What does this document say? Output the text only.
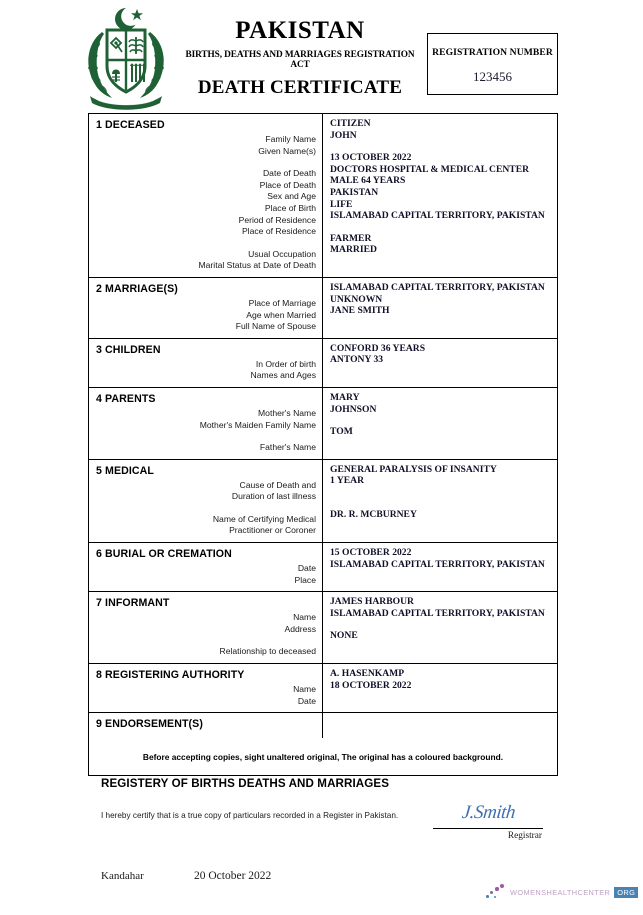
PAKISTAN
BIRTHS, DEATHS AND MARRIAGES REGISTRATION ACT
DEATH CERTIFICATE
REGISTRATION NUMBER
123456
1 DECEASED
Family Name
Given Name(s)
Date of Death
Place of Death
Sex and Age
Place of Birth
Period of Residence
Place of Residence
Usual Occupation
Marital Status at Date of Death
CITIZEN
JOHN
13 OCTOBER 2022
DOCTORS HOSPITAL & MEDICAL CENTER
MALE 64 YEARS
PAKISTAN
LIFE
ISLAMABAD CAPITAL TERRITORY, PAKISTAN
FARMER
MARRIED
2 MARRIAGE(S)
Place of Marriage
Age when Married
Full Name of Spouse
ISLAMABAD CAPITAL TERRITORY, PAKISTAN
UNKNOWN
JANE SMITH
3 CHILDREN
In Order of birth
Names and Ages
CONFORD 36 YEARS
ANTONY 33
4 PARENTS
Mother's Name
Mother's Maiden Family Name
Father's Name
MARY
JOHNSON
TOM
5 MEDICAL
Cause of Death and
Duration of last illness
Name of Certifying Medical
Practitioner or Coroner
GENERAL PARALYSIS OF INSANITY
1 YEAR
DR. R. MCBURNEY
6 BURIAL OR CREMATION
Date
Place
15 OCTOBER 2022
ISLAMABAD CAPITAL TERRITORY, PAKISTAN
7 INFORMANT
Name
Address
Relationship to deceased
JAMES HARBOUR
ISLAMABAD CAPITAL TERRITORY, PAKISTAN
NONE
8 REGISTERING AUTHORITY
Name
Date
A. HASENKAMP
18 OCTOBER 2022
9 ENDORSEMENT(S)
Before accepting copies, sight unaltered original, The original has a coloured background.
REGISTERY OF BIRTHS DEATHS AND MARRIAGES
I hereby certify that is a true copy of particulars recorded in a Register in Pakistan.	J.Smith
Registrar
Kandahar	20 October 2022
WOMENSHEALTHCENTER ORG
